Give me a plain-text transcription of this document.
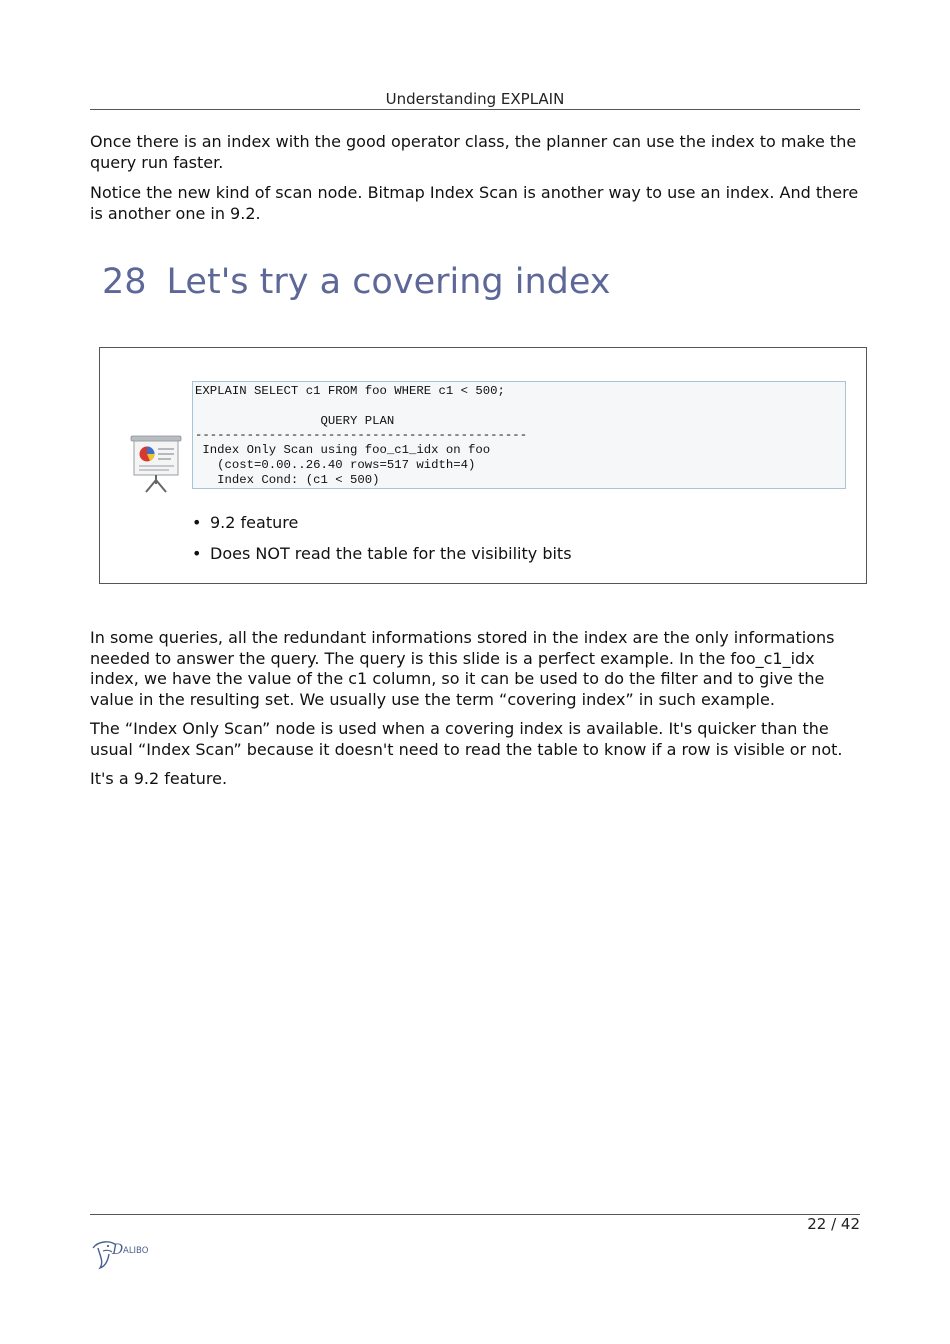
Understanding EXPLAIN

Once there is an index with the good operator class, the planner can use the index to make the query run faster.

Notice the new kind of scan node. Bitmap Index Scan is another way to use an index. And there is another one in 9.2.

28 Let's try a covering index
EXPLAIN SELECT c1 FROM foo WHERE c1 < 500;

QUERY PLAN
---------------------------------------------
Index Only Scan using foo_c1_idx on foo
(cost=0.00..26.40 rows=517 width=4)
Index Cond: (c1 < 500)
• 9.2 feature
• Does NOT read the table for the visibility bits

In some queries, all the redundant informations stored in the index are the only informations needed to answer the query. The query is this slide is a perfect example. In the foo_c1_idx index, we have the value of the c1 column, so it can be used to do the filter and to give the value in the resulting set. We usually use the term “covering index” in such example.

The “Index Only Scan” node is used when a covering index is available. It's quicker than the usual “Index Scan” because it doesn't need to read the table to know if a row is visible or not.

It's a 9.2 feature.

22 / 42
D ALIBO
